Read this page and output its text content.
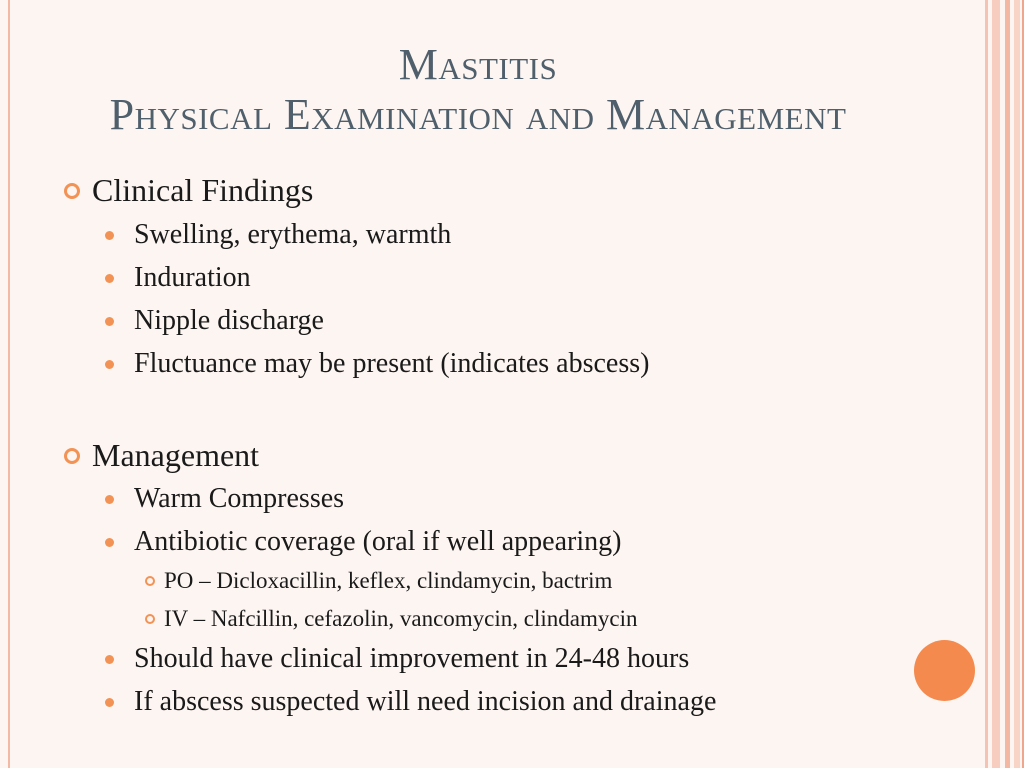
Mastitis
Physical Examination and Management
Clinical Findings
Swelling, erythema, warmth
Induration
Nipple discharge
Fluctuance may be present (indicates abscess)
Management
Warm Compresses
Antibiotic coverage (oral if well appearing)
PO – Dicloxacillin, keflex, clindamycin, bactrim
IV – Nafcillin, cefazolin, vancomycin, clindamycin
Should have clinical improvement in 24-48 hours
If abscess suspected will need incision and drainage
